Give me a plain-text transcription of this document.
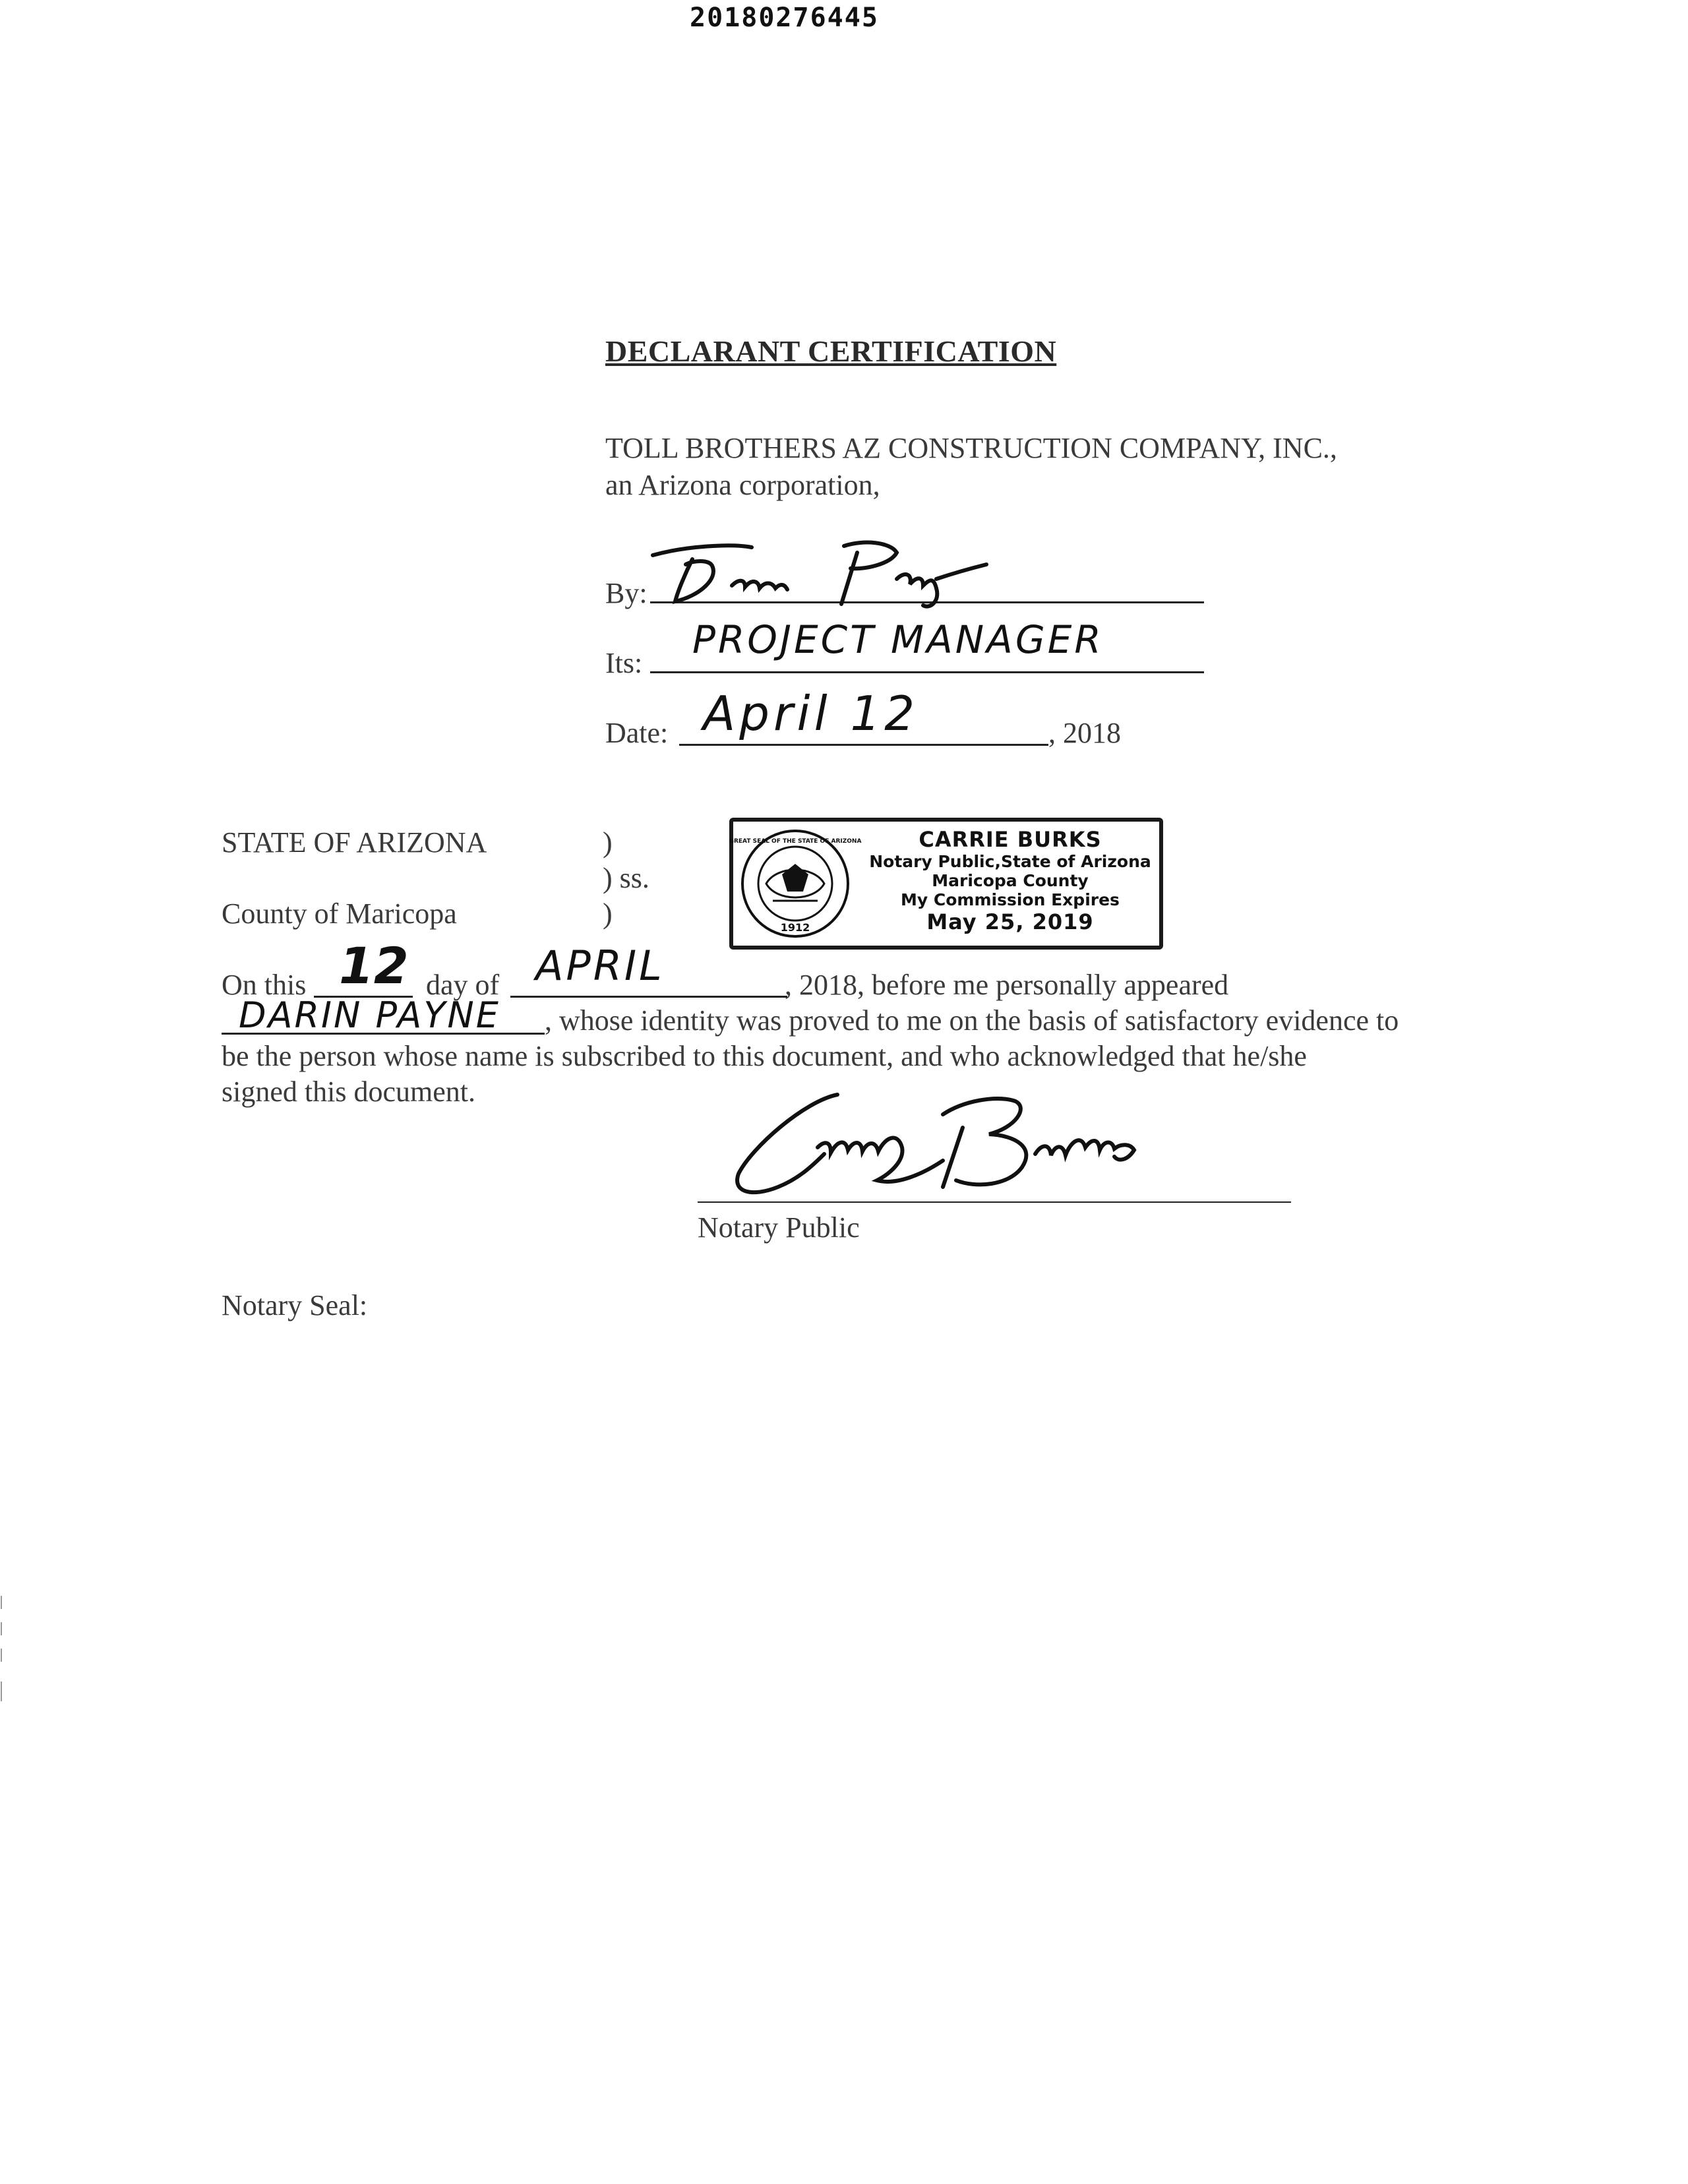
20180276445
DECLARANT CERTIFICATION
TOLL BROTHERS AZ CONSTRUCTION COMPANY, INC.,
an Arizona corporation,
By:
Its:
PROJECT MANAGER
Date: April 12	, 2018
STATE OF ARIZONA	)
) ss.
County of Maricopa	)	1912
GREAT SEAL OF THE STATE OF ARIZONA	CARRIE BURKS
Notary Public,State of Arizona
Maricopa County
My Commission Expires
May 25, 2019
On this 12 day of APRIL	, 2018, before me personally appeared
DARIN PAYNE , whose identity was proved to me on the basis of satisfactory evidence to
be the person whose name is subscribed to this document, and who acknowledged that he/she
signed this document.
Notary Public
Notary Seal:
